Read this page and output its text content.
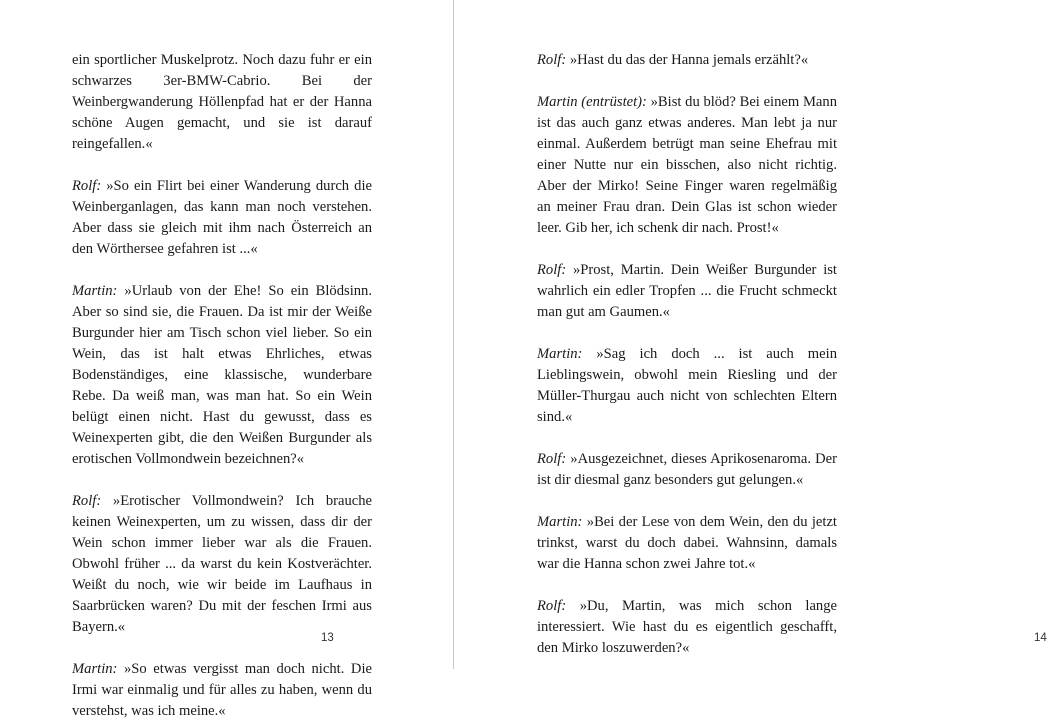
ein sportlicher Muskelprotz. Noch dazu fuhr er ein schwarzes 3er-BMW-Cabrio. Bei der Weinbergwanderung Höllenpfad hat er der Hanna schöne Augen gemacht, und sie ist darauf reingefallen.«

Rolf: »So ein Flirt bei einer Wanderung durch die Weinberganlagen, das kann man noch verstehen. Aber dass sie gleich mit ihm nach Österreich an den Wörthersee gefahren ist ...«

Martin: »Urlaub von der Ehe! So ein Blödsinn. Aber so sind sie, die Frauen. Da ist mir der Weiße Burgunder hier am Tisch schon viel lieber. So ein Wein, das ist halt etwas Ehrliches, etwas Bodenständiges, eine klassische, wunderbare Rebe. Da weiß man, was man hat. So ein Wein belügt einen nicht. Hast du gewusst, dass es Weinexperten gibt, die den Weißen Burgunder als erotischen Vollmondwein bezeichnen?«

Rolf: »Erotischer Vollmondwein? Ich brauche keinen Weinexperten, um zu wissen, dass dir der Wein schon immer lieber war als die Frauen. Obwohl früher ... da warst du kein Kostverächter. Weißt du noch, wie wir beide im Laufhaus in Saarbrücken waren? Du mit der feschen Irmi aus Bayern.«

Martin: »So etwas vergisst man doch nicht. Die Irmi war einmalig und für alles zu haben, wenn du verstehst, was ich meine.«

13

Rolf: »Hast du das der Hanna jemals erzählt?«

Martin (entrüstet): »Bist du blöd? Bei einem Mann ist das auch ganz etwas anderes. Man lebt ja nur einmal. Außerdem betrügt man seine Ehefrau mit einer Nutte nur ein bisschen, also nicht richtig. Aber der Mirko! Seine Finger waren regelmäßig an meiner Frau dran. Dein Glas ist schon wieder leer. Gib her, ich schenk dir nach. Prost!«

Rolf: »Prost, Martin. Dein Weißer Burgunder ist wahrlich ein edler Tropfen ... die Frucht schmeckt man gut am Gaumen.«

Martin: »Sag ich doch ... ist auch mein Lieblingswein, obwohl mein Riesling und der Müller-Thurgau auch nicht von schlechten Eltern sind.«

Rolf: »Ausgezeichnet, dieses Aprikosenaroma. Der ist dir diesmal ganz besonders gut gelungen.«

Martin: »Bei der Lese von dem Wein, den du jetzt trinkst, warst du doch dabei. Wahnsinn, damals war die Hanna schon zwei Jahre tot.«

Rolf: »Du, Martin, was mich schon lange interessiert. Wie hast du es eigentlich geschafft, den Mirko loszuwerden?«

14
